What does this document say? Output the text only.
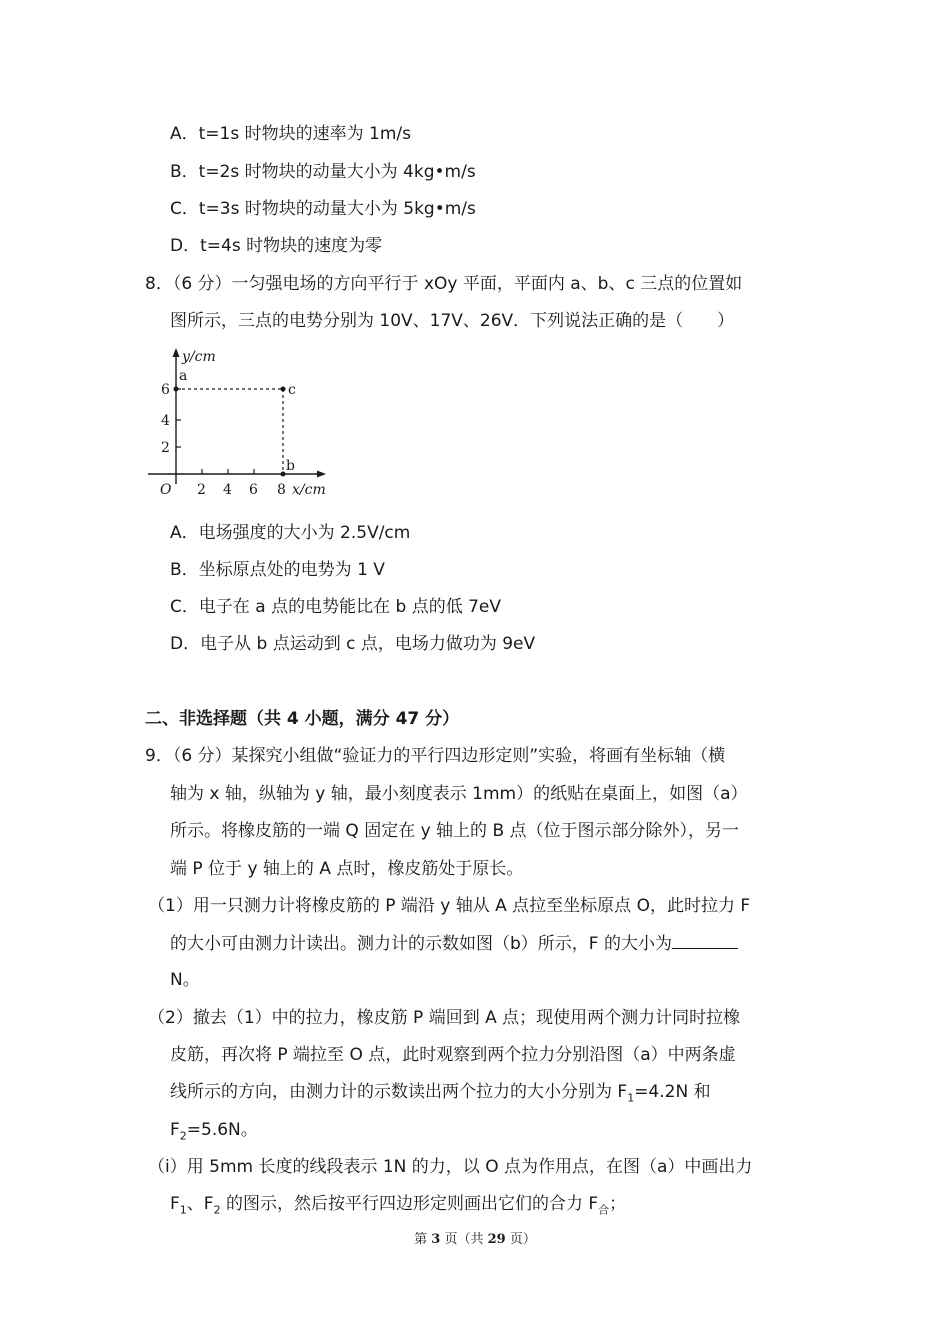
A．t=1s 时物块的速率为 1m/s
B．t=2s 时物块的动量大小为 4kg•m/s
C．t=3s 时物块的动量大小为 5kg•m/s
D．t=4s 时物块的速度为零
8．（6 分）一匀强电场的方向平行于 xOy 平面，平面内 a、b、c 三点的位置如
图所示，三点的电势分别为 10V、17V、26V．下列说法正确的是（　　）
y/cm
a
c
b
6
4
2
O 2 4 6 8 x/cm
A．电场强度的大小为 2.5V/cm
B．坐标原点处的电势为 1 V
C．电子在 a 点的电势能比在 b 点的低 7eV
D．电子从 b 点运动到 c 点，电场力做功为 9eV
二、非选择题（共 4 小题，满分 47 分）
9．（6 分）某探究小组做“验证力的平行四边形定则”实验，将画有坐标轴（横
轴为 x 轴，纵轴为 y 轴，最小刻度表示 1mm）的纸贴在桌面上，如图（a）
所示。将橡皮筋的一端 Q 固定在 y 轴上的 B 点（位于图示部分除外），另一
端 P 位于 y 轴上的 A 点时，橡皮筋处于原长。
（1）用一只测力计将橡皮筋的 P 端沿 y 轴从 A 点拉至坐标原点 O，此时拉力 F
的大小可由测力计读出。测力计的示数如图（b）所示，F 的大小为
N。
（2）撤去（1）中的拉力，橡皮筋 P 端回到 A 点；现使用两个测力计同时拉橡
皮筋，再次将 P 端拉至 O 点，此时观察到两个拉力分别沿图（a）中两条虚
线所示的方向，由测力计的示数读出两个拉力的大小分别为 $F_1=4.2N$ 和
$F_2=5.6N$。
（i）用 5mm 长度的线段表示 1N 的力，以 O 点为作用点，在图（a）中画出力
$F_1$、$F_2$ 的图示，然后按平行四边形定则画出它们的合力 $F_合$；
第 3 页（共 29 页）
